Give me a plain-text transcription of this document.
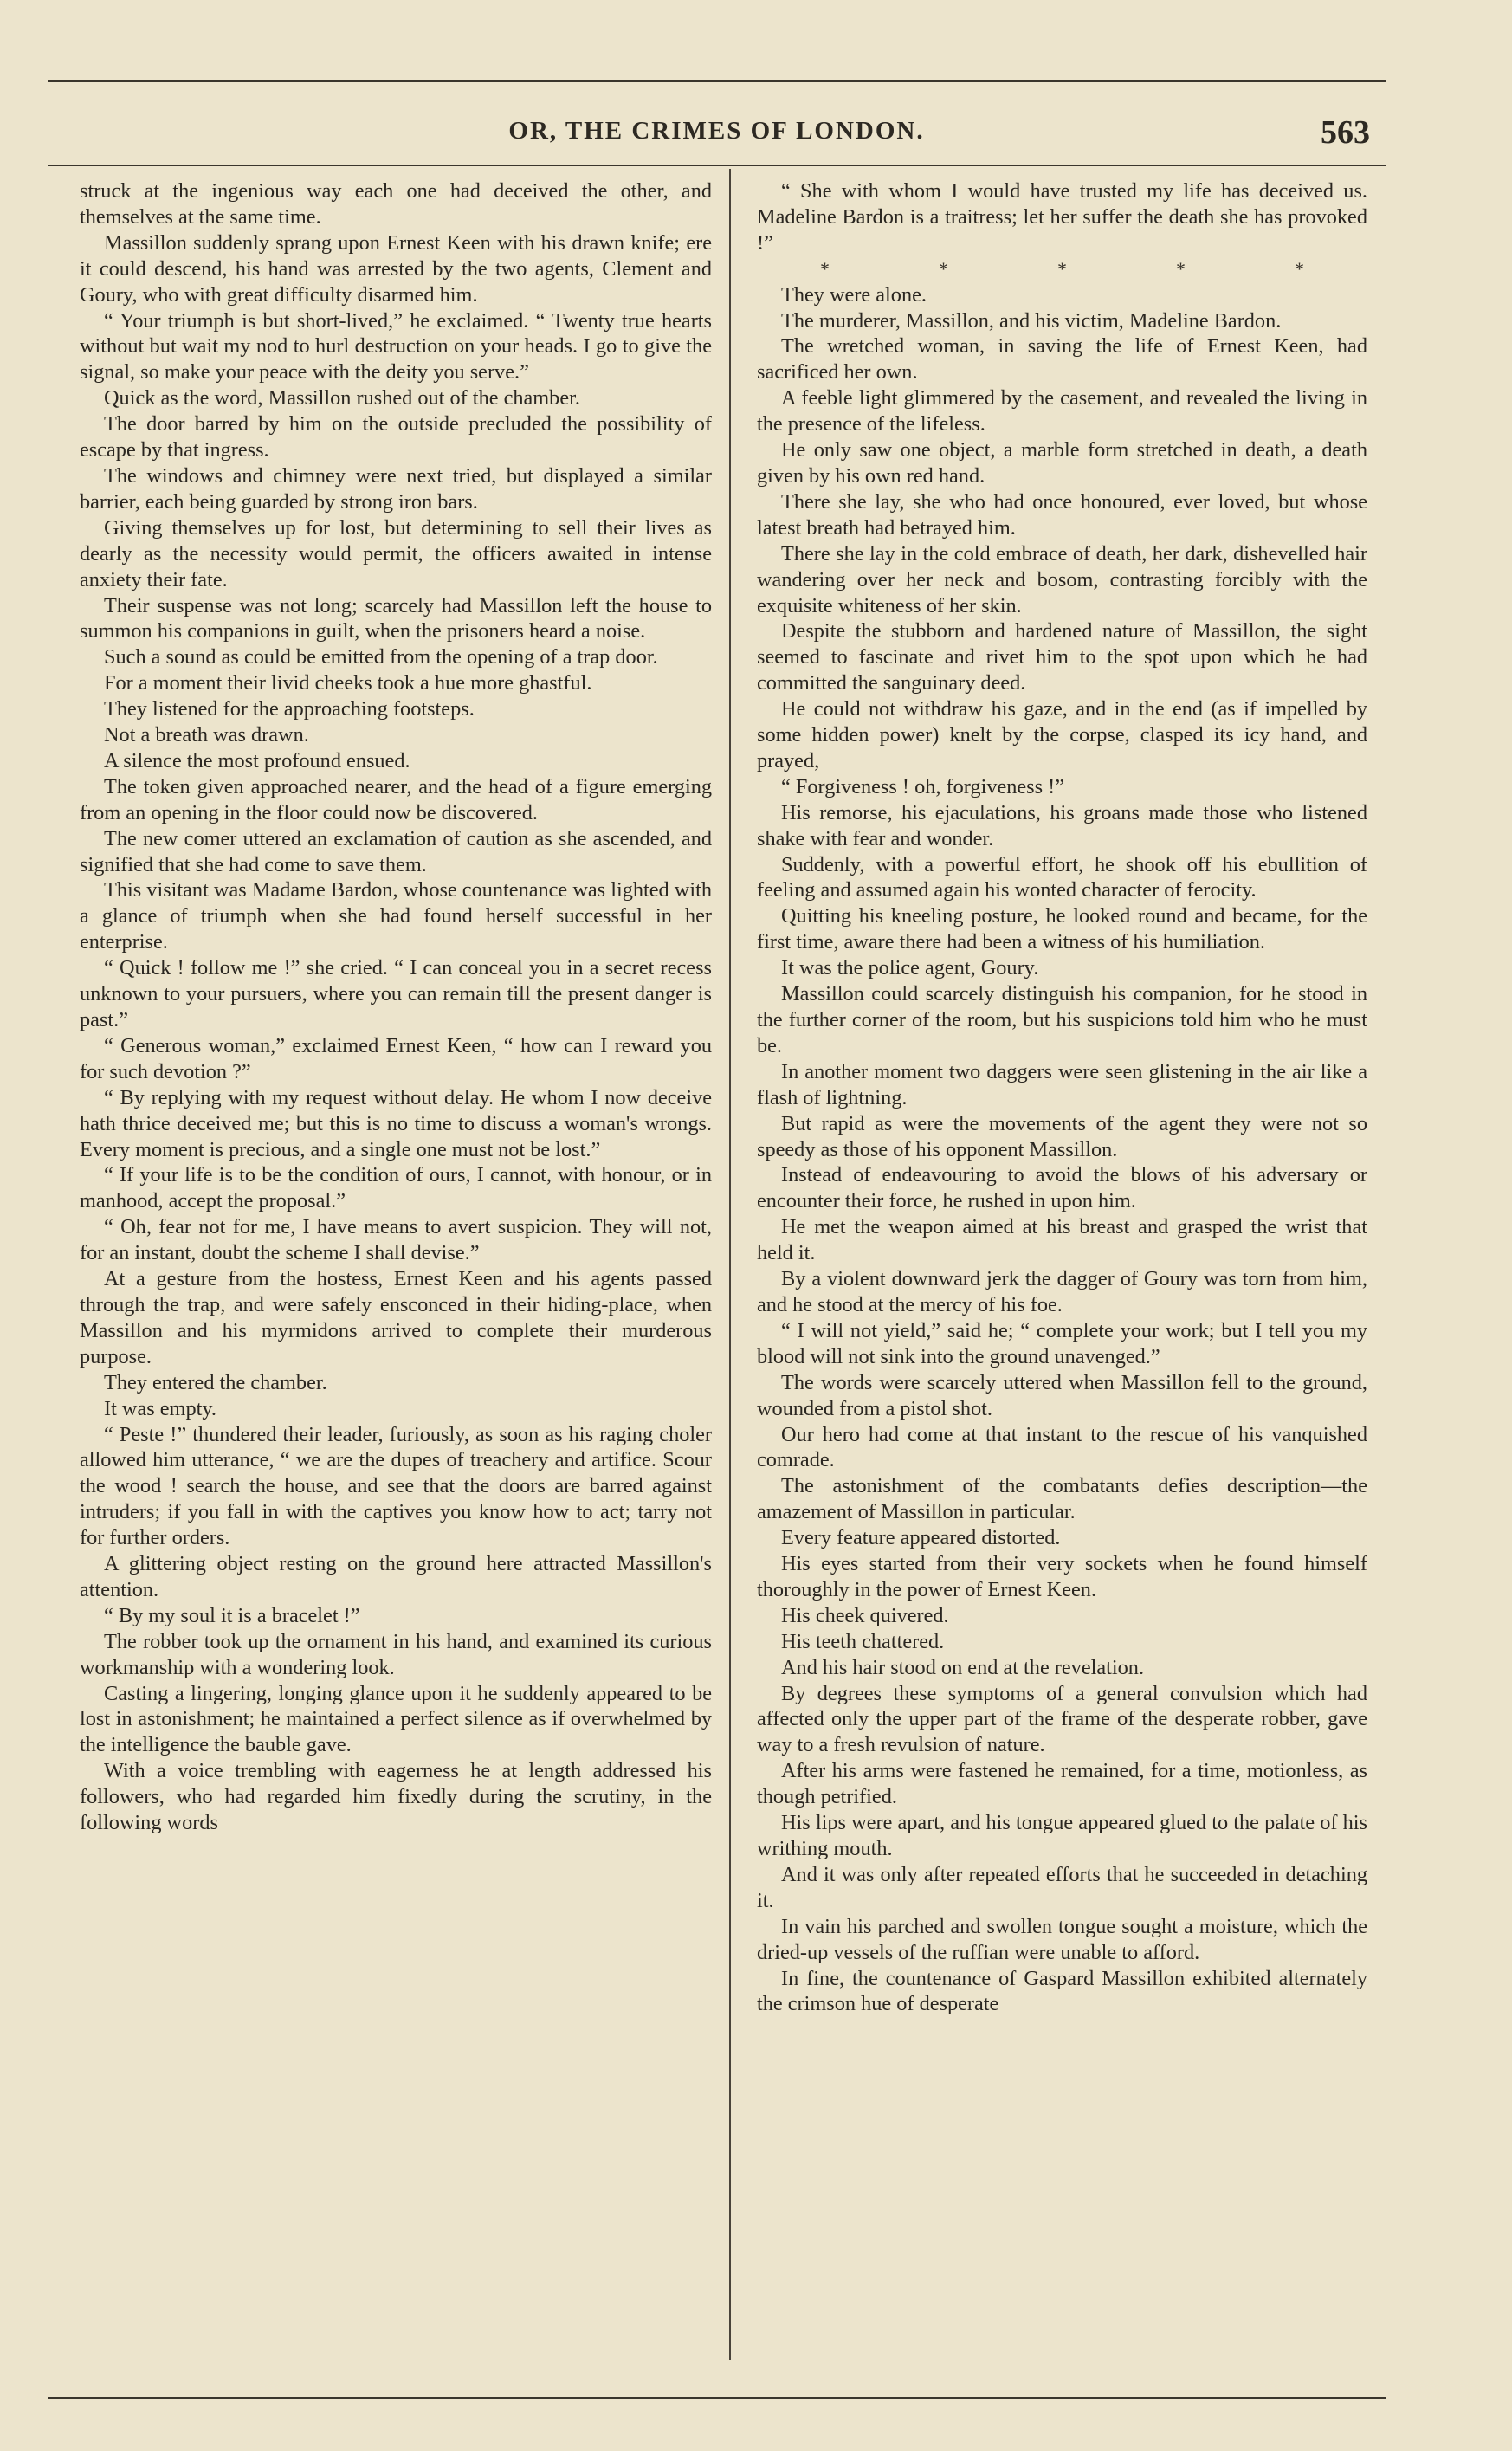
OR, THE CRIMES OF LONDON.	563

struck at the ingenious way each one had deceived the other, and themselves at the same time.

Massillon suddenly sprang upon Ernest Keen with his drawn knife; ere it could descend, his hand was arrested by the two agents, Clement and Goury, who with great difficulty disarmed him.

“ Your triumph is but short-lived,” he exclaimed. “ Twenty true hearts without but wait my nod to hurl destruction on your heads. I go to give the signal, so make your peace with the deity you serve.”

Quick as the word, Massillon rushed out of the chamber.

The door barred by him on the outside precluded the possibility of escape by that ingress.

The windows and chimney were next tried, but displayed a similar barrier, each being guarded by strong iron bars.

Giving themselves up for lost, but determining to sell their lives as dearly as the necessity would permit, the officers awaited in intense anxiety their fate.

Their suspense was not long; scarcely had Massillon left the house to summon his companions in guilt, when the prisoners heard a noise.

Such a sound as could be emitted from the opening of a trap door.

For a moment their livid cheeks took a hue more ghastful.

They listened for the approaching footsteps.

Not a breath was drawn.

A silence the most profound ensued.

The token given approached nearer, and the head of a figure emerging from an opening in the floor could now be discovered.

The new comer uttered an exclamation of caution as she ascended, and signified that she had come to save them.

This visitant was Madame Bardon, whose countenance was lighted with a glance of triumph when she had found herself successful in her enterprise.

“ Quick ! follow me !” she cried. “ I can conceal you in a secret recess unknown to your pursuers, where you can remain till the present danger is past.”

“ Generous woman,” exclaimed Ernest Keen, “ how can I reward you for such devotion ?”

“ By replying with my request without delay. He whom I now deceive hath thrice deceived me; but this is no time to discuss a woman's wrongs. Every moment is precious, and a single one must not be lost.”

“ If your life is to be the condition of ours, I cannot, with honour, or in manhood, accept the proposal.”

“ Oh, fear not for me, I have means to avert suspicion. They will not, for an instant, doubt the scheme I shall devise.”

At a gesture from the hostess, Ernest Keen and his agents passed through the trap, and were safely ensconced in their hiding-place, when Massillon and his myrmidons arrived to complete their murderous purpose.

They entered the chamber.

It was empty.

“ Peste !” thundered their leader, furiously, as soon as his raging choler allowed him utterance, “ we are the dupes of treachery and artifice. Scour the wood ! search the house, and see that the doors are barred against intruders; if you fall in with the captives you know how to act; tarry not for further orders.

A glittering object resting on the ground here attracted Massillon's attention.

“ By my soul it is a bracelet !”

The robber took up the ornament in his hand, and examined its curious workmanship with a wondering look.

Casting a lingering, longing glance upon it he suddenly appeared to be lost in astonishment; he maintained a perfect silence as if overwhelmed by the intelligence the bauble gave.

With a voice trembling with eagerness he at length addressed his followers, who had regarded him fixedly during the scrutiny, in the following words

“ She with whom I would have trusted my life has deceived us. Madeline Bardon is a traitress; let her suffer the death she has provoked !”

*	*	*	*	*

They were alone.

The murderer, Massillon, and his victim, Madeline Bardon.

The wretched woman, in saving the life of Ernest Keen, had sacrificed her own.

A feeble light glimmered by the casement, and revealed the living in the presence of the lifeless.

He only saw one object, a marble form stretched in death, a death given by his own red hand.

There she lay, she who had once honoured, ever loved, but whose latest breath had betrayed him.

There she lay in the cold embrace of death, her dark, dishevelled hair wandering over her neck and bosom, contrasting forcibly with the exquisite whiteness of her skin.

Despite the stubborn and hardened nature of Massillon, the sight seemed to fascinate and rivet him to the spot upon which he had committed the sanguinary deed.

He could not withdraw his gaze, and in the end (as if impelled by some hidden power) knelt by the corpse, clasped its icy hand, and prayed,

“ Forgiveness ! oh, forgiveness !”

His remorse, his ejaculations, his groans made those who listened shake with fear and wonder.

Suddenly, with a powerful effort, he shook off his ebullition of feeling and assumed again his wonted character of ferocity.

Quitting his kneeling posture, he looked round and became, for the first time, aware there had been a witness of his humiliation.

It was the police agent, Goury.

Massillon could scarcely distinguish his companion, for he stood in the further corner of the room, but his suspicions told him who he must be.

In another moment two daggers were seen glistening in the air like a flash of lightning.

But rapid as were the movements of the agent they were not so speedy as those of his opponent Massillon.

Instead of endeavouring to avoid the blows of his adversary or encounter their force, he rushed in upon him.

He met the weapon aimed at his breast and grasped the wrist that held it.

By a violent downward jerk the dagger of Goury was torn from him, and he stood at the mercy of his foe.

“ I will not yield,” said he; “ complete your work; but I tell you my blood will not sink into the ground unavenged.”

The words were scarcely uttered when Massillon fell to the ground, wounded from a pistol shot.

Our hero had come at that instant to the rescue of his vanquished comrade.

The astonishment of the combatants defies description—the amazement of Massillon in particular.

Every feature appeared distorted.

His eyes started from their very sockets when he found himself thoroughly in the power of Ernest Keen.

His cheek quivered.

His teeth chattered.

And his hair stood on end at the revelation.

By degrees these symptoms of a general convulsion which had affected only the upper part of the frame of the desperate robber, gave way to a fresh revulsion of nature.

After his arms were fastened he remained, for a time, motionless, as though petrified.

His lips were apart, and his tongue appeared glued to the palate of his writhing mouth.

And it was only after repeated efforts that he succeeded in detaching it.

In vain his parched and swollen tongue sought a moisture, which the dried-up vessels of the ruffian were unable to afford.

In fine, the countenance of Gaspard Massillon exhibited alternately the crimson hue of desperate
